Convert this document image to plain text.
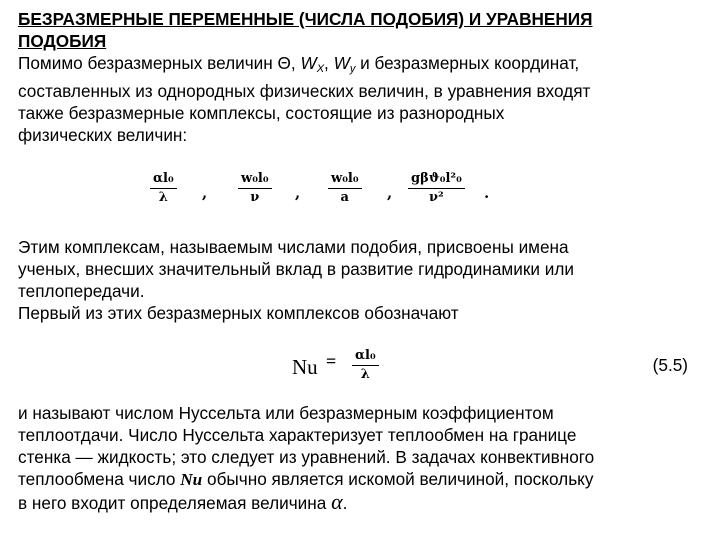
БЕЗРАЗМЕРНЫЕ ПЕРЕМЕННЫЕ (ЧИСЛА ПОДОБИЯ) И УРАВНЕНИЯ
ПОДОБИЯ

Помимо безразмерных величин Θ, $W_X$, $W_y$ и безразмерных координат,
составленных из однородных физических величин, в уравнения входят
также безразмерные комплексы, состоящие из разнородных
физических величин:

αl₀
λ	,
w₀l₀
ν	,
w₀l₀
a	,
gβϑ₀l²₀
ν²	.

Этим комплексам, называемым числами подобия, присвоены имена
ученых, внесших значительный вклад в развитие гидродинамики или
теплопередачи.
Первый из этих безразмерных комплексов обозначают

Nu = αl₀
λ	(5.5)

и называют числом Нуссельта или безразмерным коэффициентом
теплоотдачи. Число Нуссельта характеризует теплообмен на границе
стенка — жидкость; это следует из уравнений. В задачах конвективного
теплообмена число Nu обычно является искомой величиной, поскольку
в него входит определяемая величина α.
